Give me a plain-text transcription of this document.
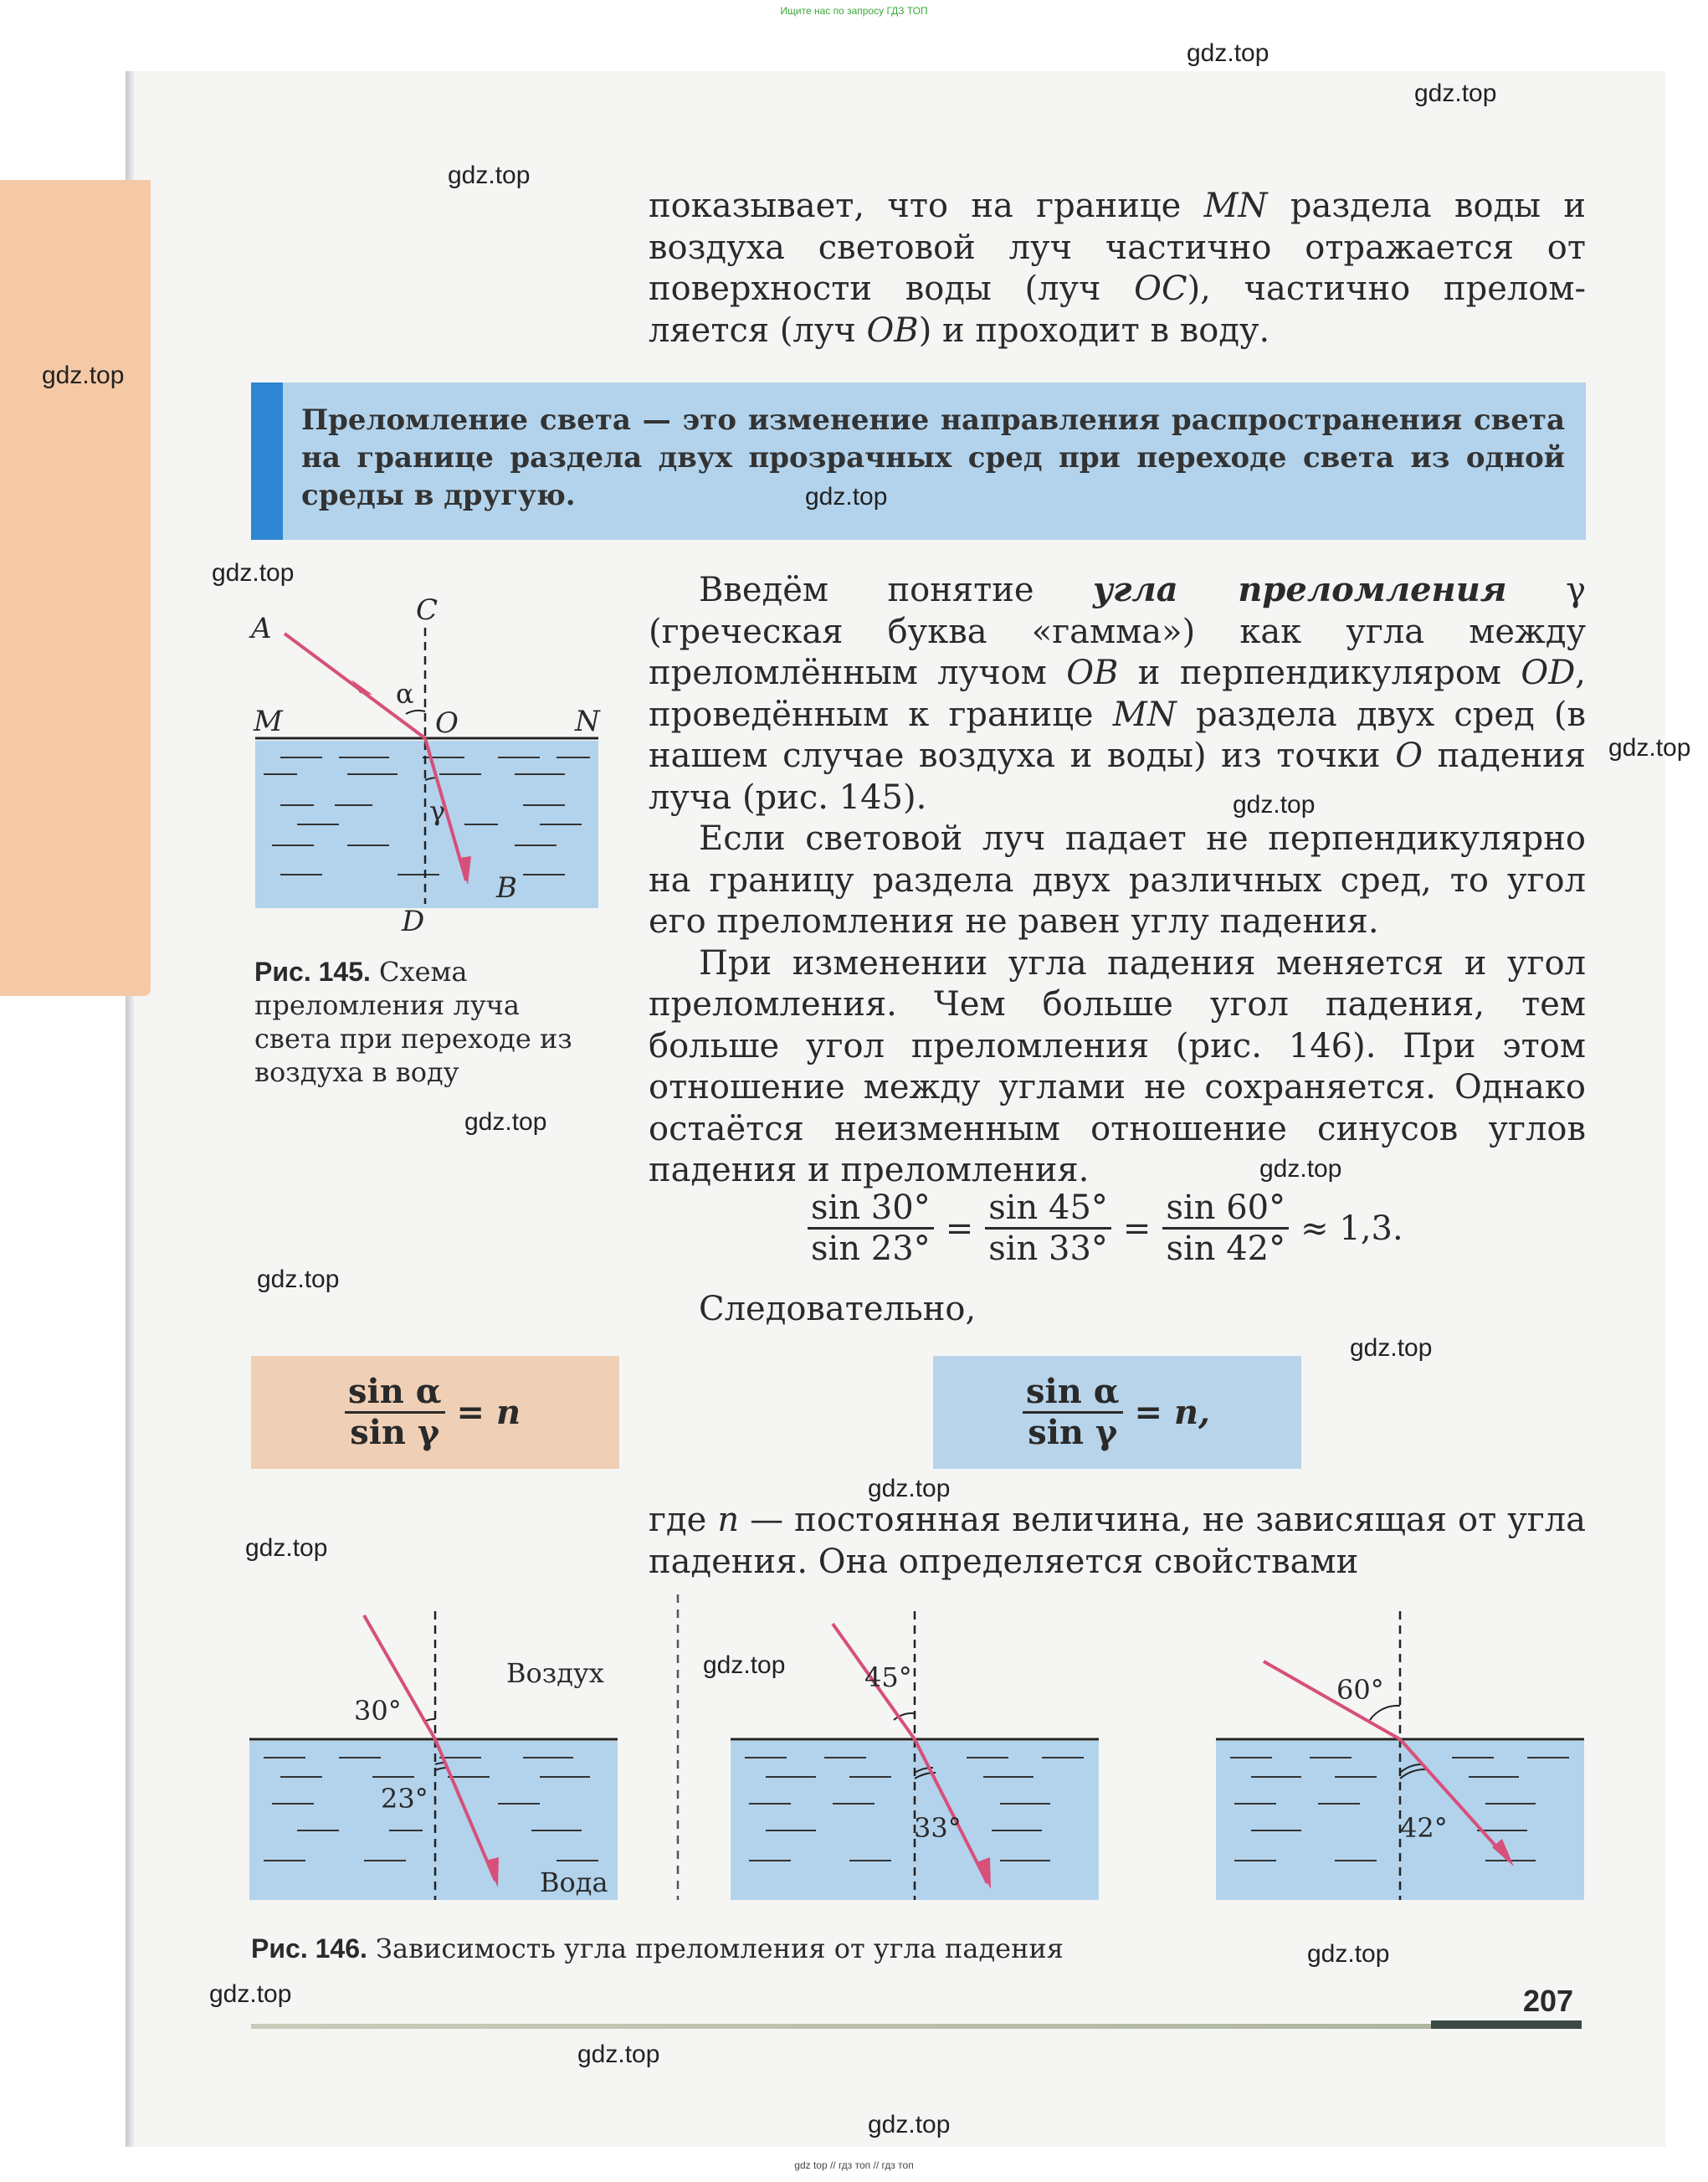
Ищите нас по запросу ГДЗ ТОП

показывает, что на границе MN раздела воды и воздуха световой луч частично отражается от поверхности воды (луч OC), частично прелом- ляется (луч OB) и проходит в воду.

Преломление света — это изменение направления распространения света на границе раздела двух прозрачных сред при переходе света из одной среды в другую.
A
C
M	N
O
α
γ
B
D
Рис. 145. Схема преломления луча света при переходе из воздуха в воду

Введём понятие угла преломления γ (греческая буква «гамма») как угла между преломлённым лучом OB и перпендикуляром OD, проведённым к границе MN раздела двух сред (в нашем случае воздуха и воды) из точки O падения луча (рис. 145).

Если световой луч падает не перпендикулярно на границу раздела двух различных сред, то угол его преломления не равен углу падения.

При изменении угла падения меняется и угол преломления. Чем больше угол падения, тем больше угол преломления (рис. 146). При этом отношение между углами не сохраняется. Однако остаётся неизменным отношение синусов углов падения и преломления.

$\frac{\sin 30^\circ}{\sin 23^\circ} = \frac{\sin 45^\circ}{\sin 33^\circ} = \frac{\sin 60^\circ}{\sin 42^\circ} \approx 1,3$.
Следовательно,
$\frac{\text{sin α}}{\text{sin γ}} = n$	$\frac{\text{sin α}}{\text{sin γ}} = n$,

где n — постоянная величина, не зависящая от угла падения. Она определяется свойствами

30°
23°
Воздух
Вода
45°
33°
60°
42°
Рис. 146. Зависимость угла преломления от угла падения
207
gdz.top
gdz.top
gdz.top
gdz.top
gdz.top
gdz.top
gdz.top
gdz.top
gdz.top
gdz.top
gdz.top
gdz.top
gdz.top
gdz.top
gdz.top
gdz.top
gdz.top
gdz.top
gdz.top
gdz top // гдз топ // гдз топ
